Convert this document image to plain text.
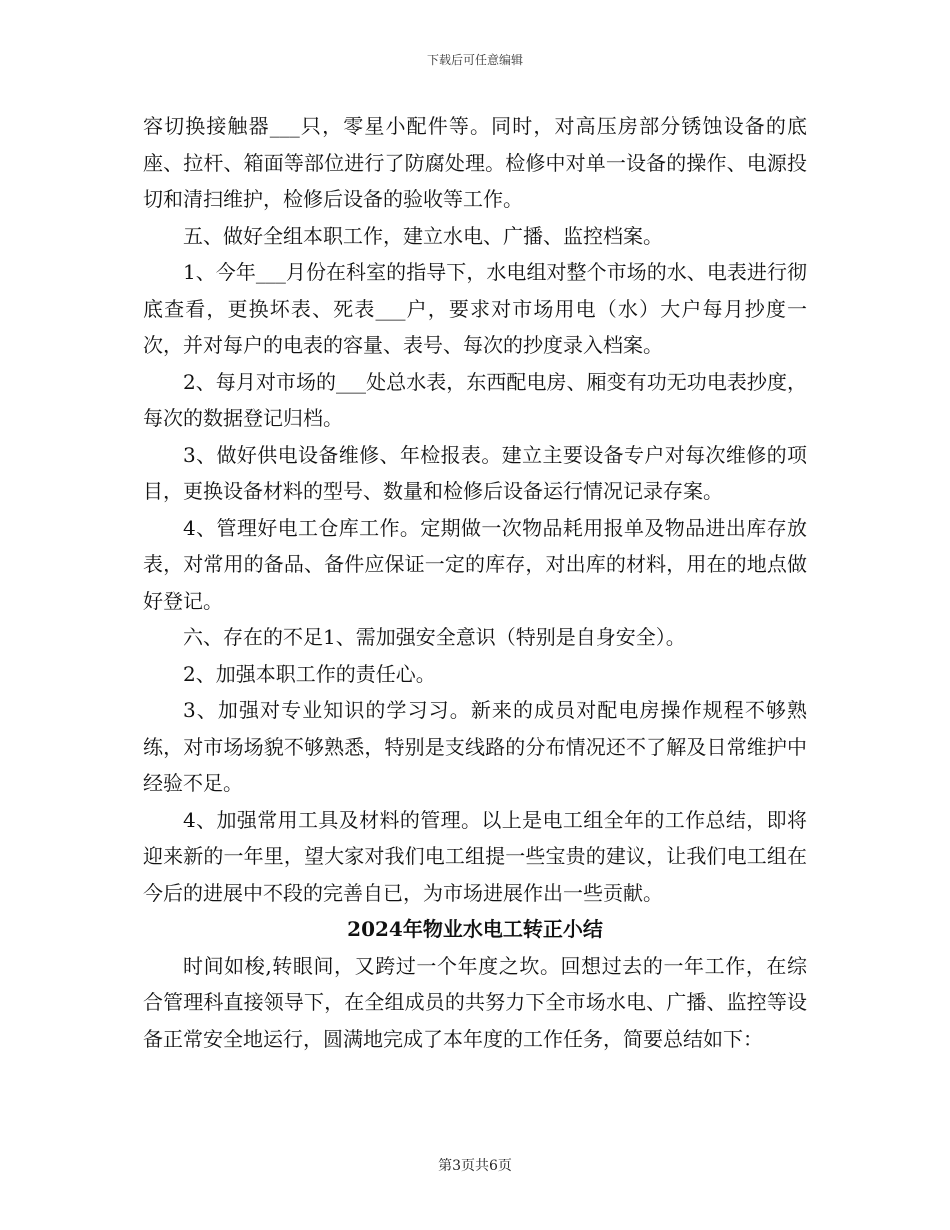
下载后可任意编辑

容切换接触器___只，零星小配件等。同时，对高压房部分锈蚀设备的底座、拉杆、箱面等部位进行了防腐处理。检修中对单一设备的操作、电源投切和清扫维护，检修后设备的验收等工作。

五、做好全组本职工作，建立水电、广播、监控档案。

1、今年___月份在科室的指导下，水电组对整个市场的水、电表进行彻底查看，更换坏表、死表___户，要求对市场用电（水）大户每月抄度一次，并对每户的电表的容量、表号、每次的抄度录入档案。

2、每月对市场的___处总水表，东西配电房、厢变有功无功电表抄度，每次的数据登记归档。

3、做好供电设备维修、年检报表。建立主要设备专户对每次维修的项目，更换设备材料的型号、数量和检修后设备运行情况记录存案。

4、管理好电工仓库工作。定期做一次物品耗用报单及物品进出库存放表，对常用的备品、备件应保证一定的库存，对出库的材料，用在的地点做好登记。

六、存在的不足1、需加强安全意识（特别是自身安全）。

2、加强本职工作的责任心。

3、加强对专业知识的学习习。新来的成员对配电房操作规程不够熟练，对市场场貌不够熟悉，特别是支线路的分布情况还不了解及日常维护中经验不足。

4、加强常用工具及材料的管理。以上是电工组全年的工作总结，即将迎来新的一年里，望大家对我们电工组提一些宝贵的建议，让我们电工组在今后的进展中不段的完善自已，为市场进展作出一些贡献。

2024年物业水电工转正小结

时间如梭,转眼间，又跨过一个年度之坎。回想过去的一年工作，在综合管理科直接领导下，在全组成员的共努力下全市场水电、广播、监控等设备正常安全地运行，圆满地完成了本年度的工作任务，简要总结如下：

第3页共6页
